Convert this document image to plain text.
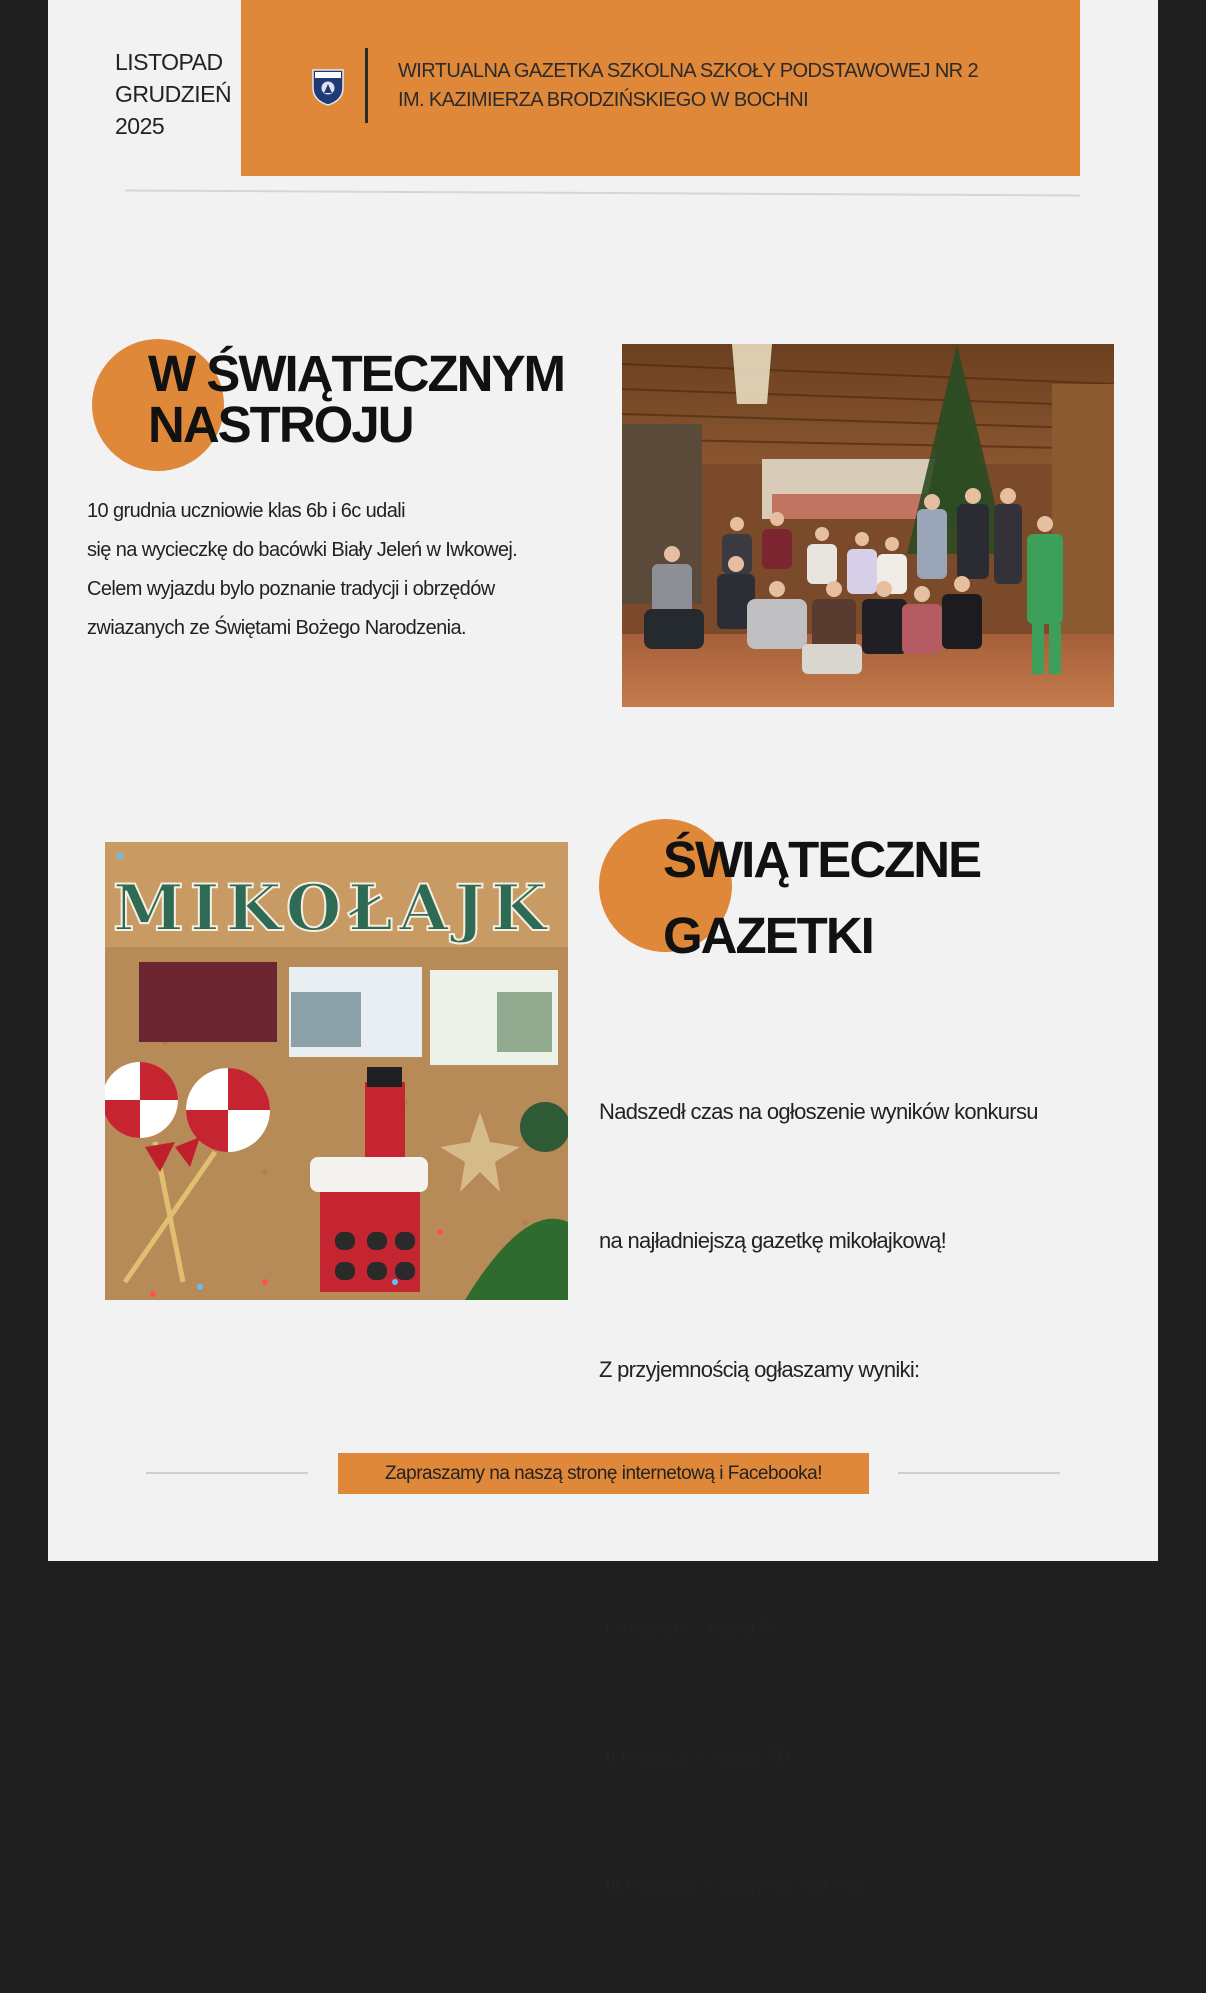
LISTOPAD
GRUDZIEŃ
2025
WIRTUALNA GAZETKA SZKOLNA SZKOŁY PODSTAWOWEJ NR 2
IM. KAZIMIERZA BRODZIŃSKIEGO W BOCHNI
W ŚWIĄTECZNYM
NASTROJU
10 grudnia uczniowie klas 6b i 6c udali
się na wycieczkę do bacówki Biały Jeleń w Iwkowej.
Celem wyjazdu bylo poznanie tradycji i obrzędów
zwiazanych ze Świętami Bożego Narodzenia.
ŚWIĄTECZNE
GAZETKI

Nadszedł czas na ogłoszenie wyników konkursu

na najładniejszą gazetkę mikołajkową!

Z przyjemnością ogłaszamy wyniki:

I miejsce – klasa 8c

II miejsce – klasa 7b

III miejsce – klasy 5a, 5b i 5c

MIKOŁAJK
Zapraszamy na naszą stronę internetową i Facebooka!
